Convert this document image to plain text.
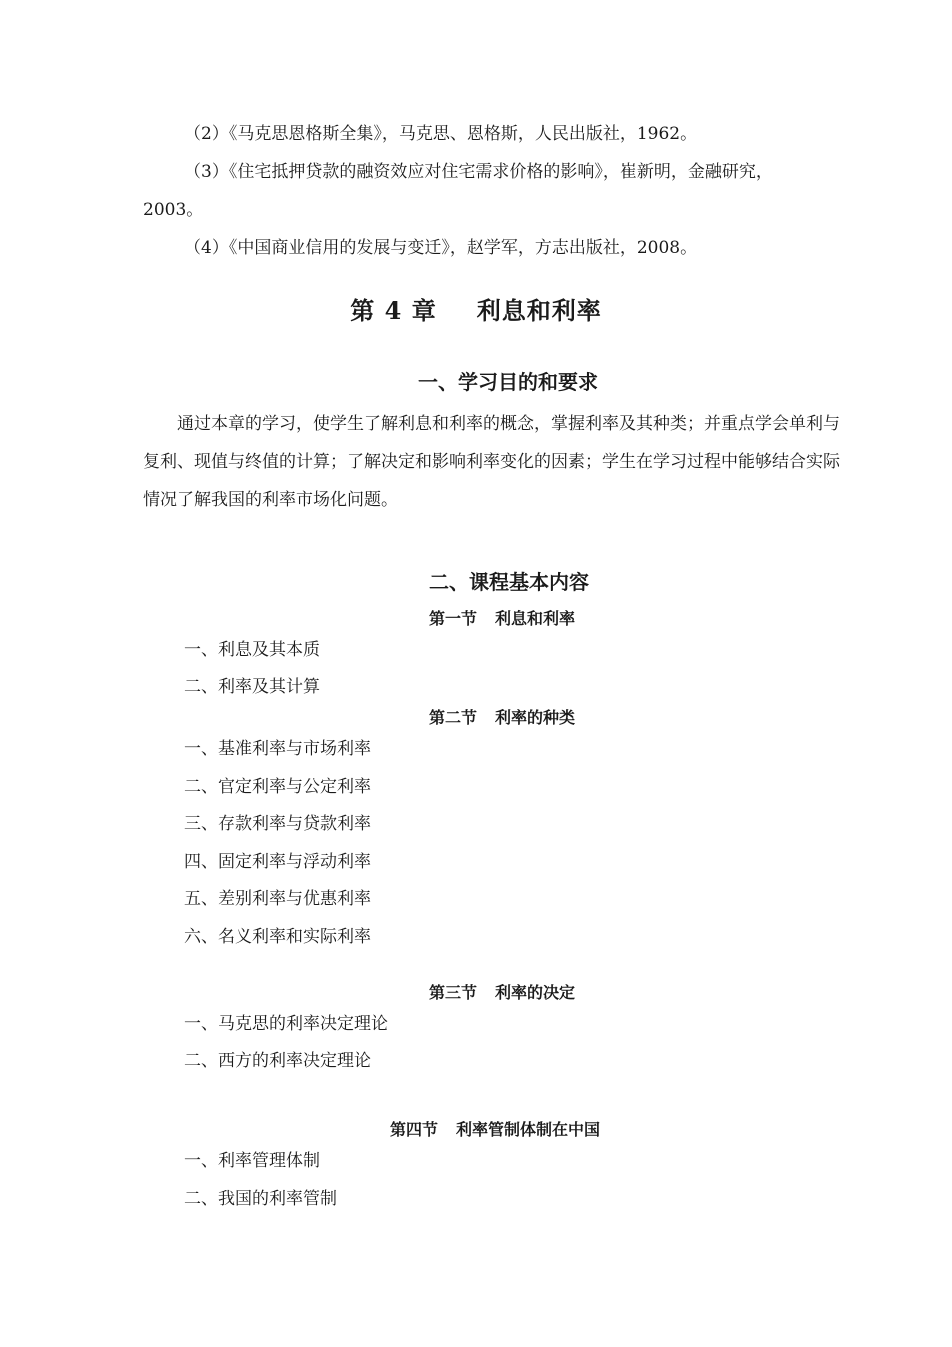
（2）《马克思恩格斯全集》，马克思、恩格斯，人民出版社，1962。
（3）《住宅抵押贷款的融资效应对住宅需求价格的影响》，崔新明，金融研究，
2003。
（4）《中国商业信用的发展与变迁》，赵学军，方志出版社，2008。
第 4 章 利息和利率
一、学习目的和要求
通过本章的学习，使学生了解利息和利率的概念，掌握利率及其种类；并重点学会单利与复利、现值与终值的计算；了解决定和影响利率变化的因素；学生在学习过程中能够结合实际情况了解我国的利率市场化问题。
二、课程基本内容
第一节 利息和利率
一、利息及其本质
二、利率及其计算
第二节 利率的种类
一、基准利率与市场利率
二、官定利率与公定利率
三、存款利率与贷款利率
四、固定利率与浮动利率
五、差别利率与优惠利率
六、名义利率和实际利率
第三节 利率的决定
一、马克思的利率决定理论
二、西方的利率决定理论
第四节 利率管制体制在中国
一、利率管理体制
二、我国的利率管制
